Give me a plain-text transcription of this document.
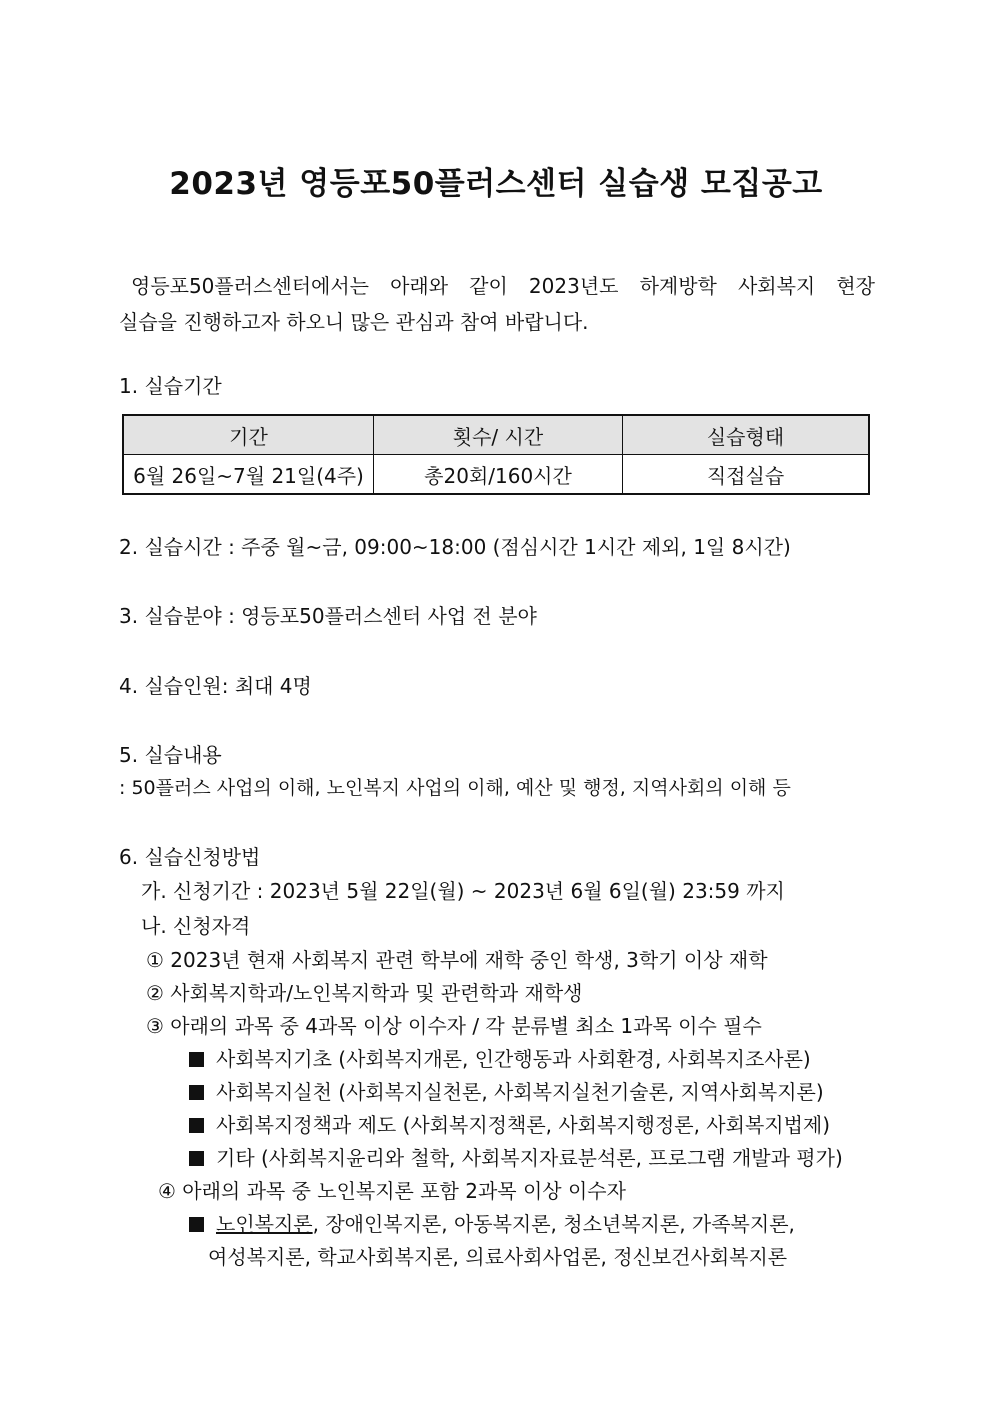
2023년 영등포50플러스센터 실습생 모집공고
영등포50플러스센터에서는 아래와 같이 2023년도 하계방학 사회복지 현장
실습을 진행하고자 하오니 많은 관심과 참여 바랍니다.
1. 실습기간
기간	횟수/ 시간	실습형태
6월 26일~7월 21일(4주)	총20회/160시간	직접실습
2. 실습시간 : 주중 월~금, 09:00~18:00 (점심시간 1시간 제외, 1일 8시간)
3. 실습분야 : 영등포50플러스센터 사업 전 분야
4. 실습인원: 최대 4명
5. 실습내용
: 50플러스 사업의 이해, 노인복지 사업의 이해, 예산 및 행정, 지역사회의 이해 등
6. 실습신청방법
가. 신청기간 : 2023년 5월 22일(월) ~ 2023년 6월 6일(월) 23:59 까지
나. 신청자격
① 2023년 현재 사회복지 관련 학부에 재학 중인 학생, 3학기 이상 재학
② 사회복지학과/노인복지학과 및 관련학과 재학생
③ 아래의 과목 중 4과목 이상 이수자 / 각 분류별 최소 1과목 이수 필수
사회복지기초 (사회복지개론, 인간행동과 사회환경, 사회복지조사론)
사회복지실천 (사회복지실천론, 사회복지실천기술론, 지역사회복지론)
사회복지정책과 제도 (사회복지정책론, 사회복지행정론, 사회복지법제)
기타 (사회복지윤리와 철학, 사회복지자료분석론, 프로그램 개발과 평가)
④ 아래의 과목 중 노인복지론 포함 2과목 이상 이수자
노인복지론, 장애인복지론, 아동복지론, 청소년복지론, 가족복지론,
여성복지론, 학교사회복지론, 의료사회사업론, 정신보건사회복지론
